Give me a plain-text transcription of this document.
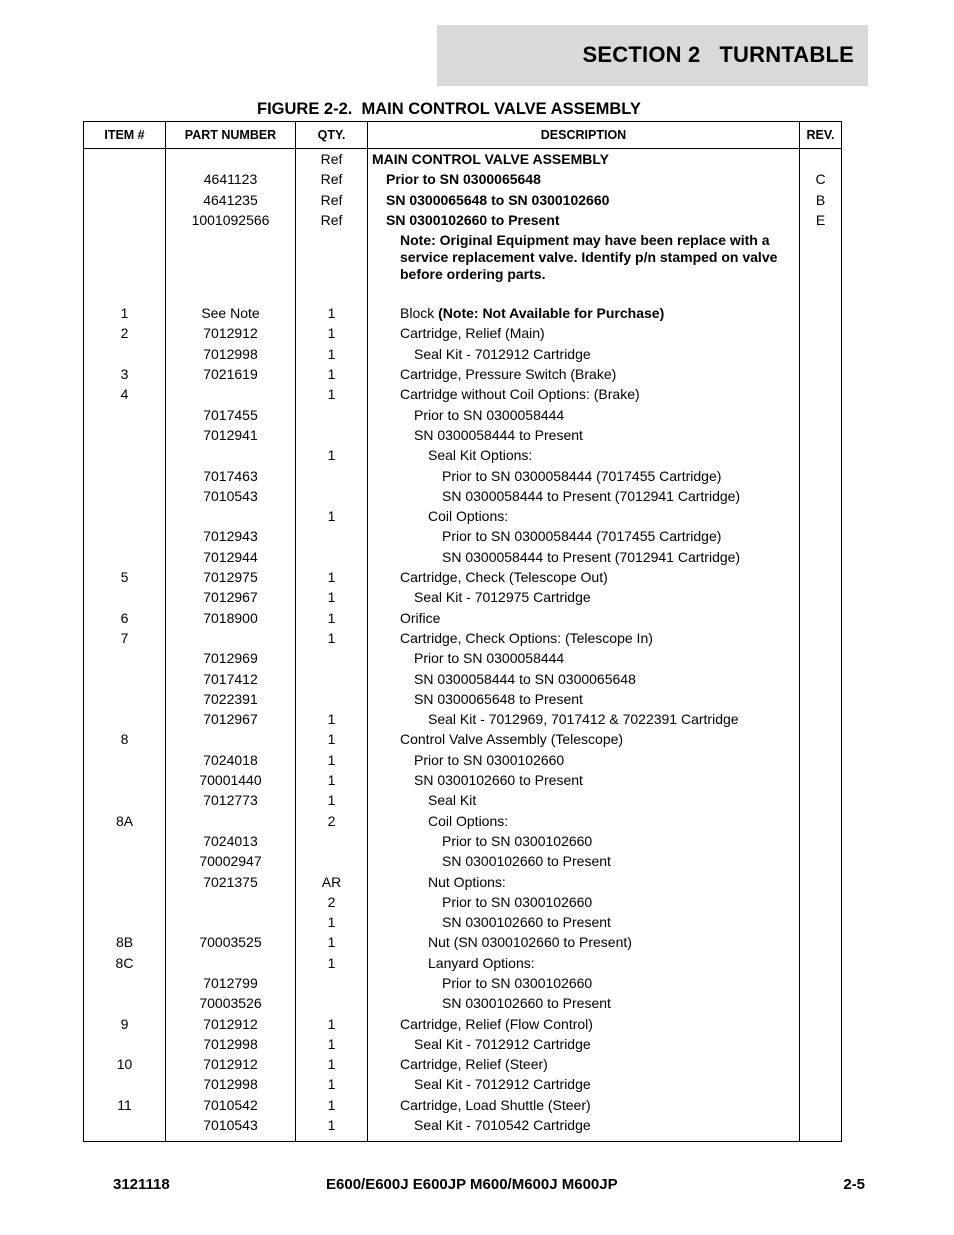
SECTION 2   TURNTABLE
FIGURE 2-2.  MAIN CONTROL VALVE ASSEMBLY
ITEM #	PART NUMBER	QTY.	DESCRIPTION	REV.
		Ref	MAIN CONTROL VALVE ASSEMBLY	

	4641123	Ref	Prior to SN 0300065648	C
	4641235	Ref	SN 0300065648 to SN 0300102660	B
	1001092566	Ref	SN 0300102660 to Present	E

			Note: Original Equipment may have been replace with a service replacement valve. Identify p/n stamped on valve before ordering parts.	

1	See Note	1	Block (Note: Not Available for Purchase)	

2	7012912	1	Cartridge, Relief (Main)	

	7012998	1	Seal Kit - 7012912 Cartridge	

3	7021619	1	Cartridge, Pressure Switch (Brake)	

4		1	Cartridge without Coil Options: (Brake)	

	7017455		Prior to SN 0300058444	

	7012941		SN 0300058444 to Present	

		1	Seal Kit Options:	

	7017463		Prior to SN 0300058444 (7017455 Cartridge)	

	7010543		SN 0300058444 to Present (7012941 Cartridge)	

		1	Coil Options:	

	7012943		Prior to SN 0300058444 (7017455 Cartridge)	

	7012944		SN 0300058444 to Present (7012941 Cartridge)	

5	7012975	1	Cartridge, Check (Telescope Out)	

	7012967	1	Seal Kit - 7012975 Cartridge	

6	7018900	1	Orifice	

7		1	Cartridge, Check Options: (Telescope In)	

	7012969		Prior to SN 0300058444	

	7017412		SN 0300058444 to SN 0300065648	

	7022391		SN 0300065648 to Present	

	7012967	1	Seal Kit - 7012969, 7017412 & 7022391 Cartridge	

8		1	Control Valve Assembly (Telescope)	

	7024018	1	Prior to SN 0300102660	

	70001440	1	SN 0300102660 to Present	

	7012773	1	Seal Kit	

8A		2	Coil Options:	

	7024013		Prior to SN 0300102660	

	70002947		SN 0300102660 to Present	

	7021375	AR	Nut Options:	

		2	Prior to SN 0300102660	

		1	SN 0300102660 to Present	

8B	70003525	1	Nut (SN 0300102660 to Present)	

8C		1	Lanyard Options:	

	7012799		Prior to SN 0300102660	

	70003526		SN 0300102660 to Present	

9	7012912	1	Cartridge, Relief (Flow Control)	

	7012998	1	Seal Kit - 7012912 Cartridge	

10	7012912	1	Cartridge, Relief (Steer)	

	7012998	1	Seal Kit - 7012912 Cartridge	

11	7010542	1	Cartridge, Load Shuttle (Steer)	

	7010543	1	Seal Kit - 7010542 Cartridge	

3121118	E600/E600J E600JP M600/M600J M600JP	2-5
